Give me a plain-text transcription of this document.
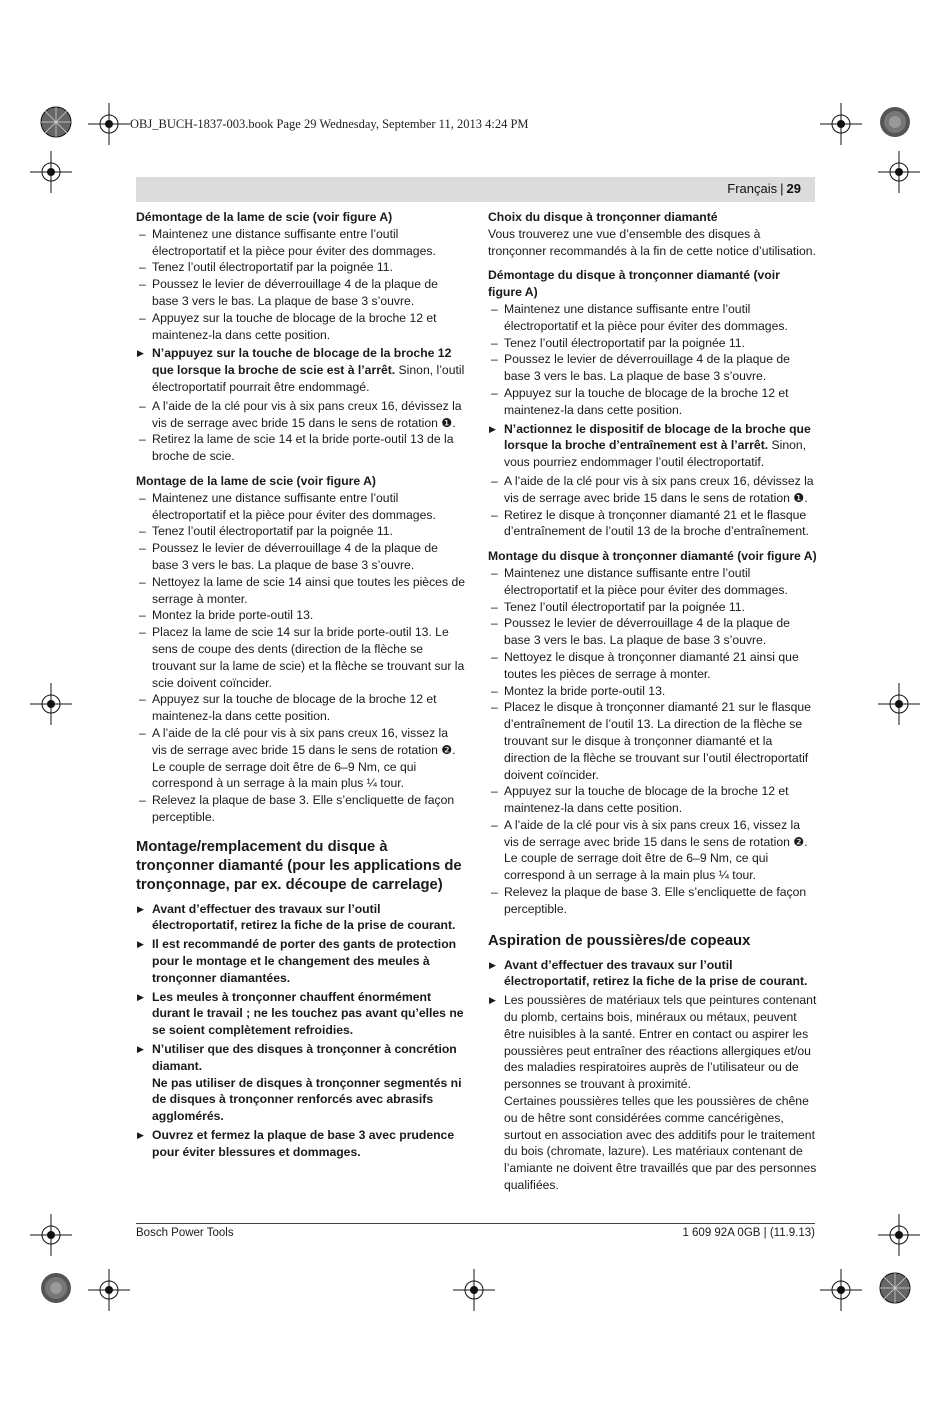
OBJ_BUCH-1837-003.book Page 29 Wednesday, September 11, 2013 4:24 PM
Français | 29
Démontage de la lame de scie (voir figure A)
– Maintenez une distance suffisante entre l’outil électroportatif et la pièce pour éviter des dommages.
– Tenez l’outil électroportatif par la poignée 11.
– Poussez le levier de déverrouillage 4 de la plaque de base 3 vers le bas. La plaque de base 3 s’ouvre.
– Appuyez sur la touche de blocage de la broche 12 et maintenez-la dans cette position.
▶ N’appuyez sur la touche de blocage de la broche 12 que lorsque la broche de scie est à l’arrêt. Sinon, l’outil électroportatif pourrait être endommagé.
– A l’aide de la clé pour vis à six pans creux 16, dévissez la vis de serrage avec bride 15 dans le sens de rotation ❶.
– Retirez la lame de scie 14 et la bride porte-outil 13 de la broche de scie.
Montage de la lame de scie (voir figure A)
– Maintenez une distance suffisante entre l’outil électroportatif et la pièce pour éviter des dommages.
– Tenez l’outil électroportatif par la poignée 11.
– Poussez le levier de déverrouillage 4 de la plaque de base 3 vers le bas. La plaque de base 3 s’ouvre.
– Nettoyez la lame de scie 14 ainsi que toutes les pièces de serrage à monter.
– Montez la bride porte-outil 13.
– Placez la lame de scie 14 sur la bride porte-outil 13. Le sens de coupe des dents (direction de la flèche se trouvant sur la lame de scie) et la flèche se trouvant sur la scie doivent coïncider.
– Appuyez sur la touche de blocage de la broche 12 et maintenez-la dans cette position.
– A l’aide de la clé pour vis à six pans creux 16, vissez la vis de serrage avec bride 15 dans le sens de rotation ❷. Le couple de serrage doit être de 6–9 Nm, ce qui correspond à un serrage à la main plus ¼ tour.
– Relevez la plaque de base 3. Elle s’encliquette de façon perceptible.
Montage/remplacement du disque à tronçonner diamanté (pour les applications de tronçonnage, par ex. découpe de carrelage)
▶ Avant d’effectuer des travaux sur l’outil électroportatif, retirez la fiche de la prise de courant.
▶ Il est recommandé de porter des gants de protection pour le montage et le changement des meules à tronçonner diamantées.
▶ Les meules à tronçonner chauffent énormément durant le travail ; ne les touchez pas avant qu’elles ne se soient complètement refroidies.
▶ N’utiliser que des disques à tronçonner à concrétion diamant.
Ne pas utiliser de disques à tronçonner segmentés ni de disques à tronçonner renforcés avec abrasifs agglomérés.
▶ Ouvrez et fermez la plaque de base 3 avec prudence pour éviter blessures et dommages.
Choix du disque à tronçonner diamanté
Vous trouverez une vue d’ensemble des disques à tronçonner recommandés à la fin de cette notice d’utilisation.
Démontage du disque à tronçonner diamanté (voir figure A)
– Maintenez une distance suffisante entre l’outil électroportatif et la pièce pour éviter des dommages.
– Tenez l’outil électroportatif par la poignée 11.
– Poussez le levier de déverrouillage 4 de la plaque de base 3 vers le bas. La plaque de base 3 s’ouvre.
– Appuyez sur la touche de blocage de la broche 12 et maintenez-la dans cette position.
▶ N’actionnez le dispositif de blocage de la broche que lorsque la broche d’entraînement est à l’arrêt. Sinon, vous pourriez endommager l’outil électroportatif.
– A l’aide de la clé pour vis à six pans creux 16, dévissez la vis de serrage avec bride 15 dans le sens de rotation ❶.
– Retirez le disque à tronçonner diamanté 21 et le flasque d’entraînement de l’outil 13 de la broche d’entraînement.
Montage du disque à tronçonner diamanté (voir figure A)
– Maintenez une distance suffisante entre l’outil électroportatif et la pièce pour éviter des dommages.
– Tenez l’outil électroportatif par la poignée 11.
– Poussez le levier de déverrouillage 4 de la plaque de base 3 vers le bas. La plaque de base 3 s’ouvre.
– Nettoyez le disque à tronçonner diamanté 21 ainsi que toutes les pièces de serrage à monter.
– Montez la bride porte-outil 13.
– Placez le disque à tronçonner diamanté 21 sur le flasque d’entraînement de l’outil 13. La direction de la flèche se trouvant sur le disque à tronçonner diamanté et la direction de la flèche se trouvant sur l’outil électroportatif doivent coïncider.
– Appuyez sur la touche de blocage de la broche 12 et maintenez-la dans cette position.
– A l’aide de la clé pour vis à six pans creux 16, vissez la vis de serrage avec bride 15 dans le sens de rotation ❷. Le couple de serrage doit être de 6–9 Nm, ce qui correspond à un serrage à la main plus ¼ tour.
– Relevez la plaque de base 3. Elle s’encliquette de façon perceptible.
Aspiration de poussières/de copeaux
▶ Avant d’effectuer des travaux sur l’outil électroportatif, retirez la fiche de la prise de courant.
▶ Les poussières de matériaux tels que peintures contenant du plomb, certains bois, minéraux ou métaux, peuvent être nuisibles à la santé. Entrer en contact ou aspirer les poussières peut entraîner des réactions allergiques et/ou des maladies respiratoires auprès de l’utilisateur ou de personnes se trouvant à proximité.
Certaines poussières telles que les poussières de chêne ou de hêtre sont considérées comme cancérigènes, surtout en association avec des additifs pour le traitement du bois (chromate, lazure). Les matériaux contenant de l’amiante ne doivent être travaillés que par des personnes qualifiées.
Bosch Power Tools	1 609 92A 0GB | (11.9.13)
